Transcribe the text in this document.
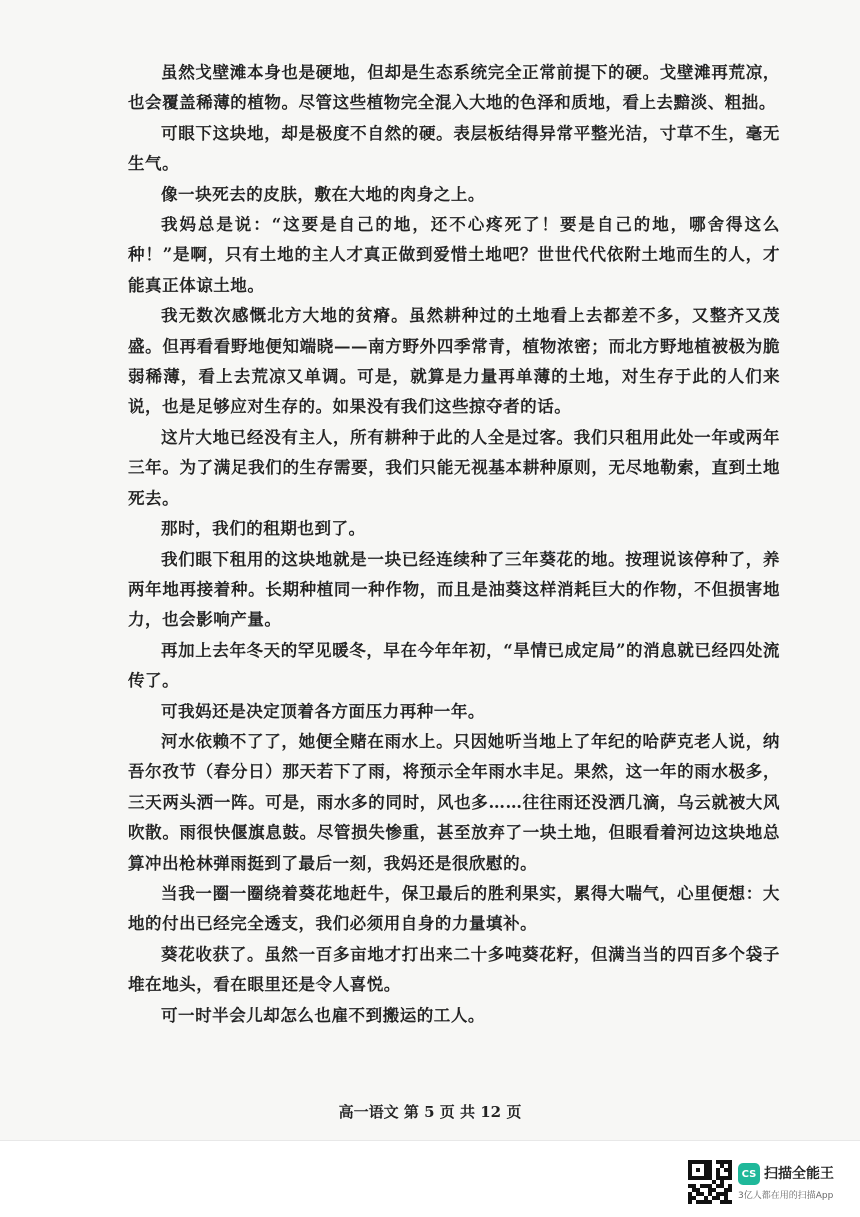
虽然戈壁滩本身也是硬地，但却是生态系统完全正常前提下的硬。戈壁滩再荒凉，也会覆盖稀薄的植物。尽管这些植物完全混入大地的色泽和质地，看上去黯淡、粗拙。

可眼下这块地，却是极度不自然的硬。表层板结得异常平整光洁，寸草不生，毫无生气。

像一块死去的皮肤，敷在大地的肉身之上。

我妈总是说：“这要是自己的地，还不心疼死了！要是自己的地，哪舍得这么种！”是啊，只有土地的主人才真正做到爱惜土地吧？世世代代依附土地而生的人，才能真正体谅土地。

我无数次感慨北方大地的贫瘠。虽然耕种过的土地看上去都差不多，又整齐又茂盛。但再看看野地便知端晓——南方野外四季常青，植物浓密；而北方野地植被极为脆弱稀薄，看上去荒凉又单调。可是，就算是力量再单薄的土地，对生存于此的人们来说，也是足够应对生存的。如果没有我们这些掠夺者的话。

这片大地已经没有主人，所有耕种于此的人全是过客。我们只租用此处一年或两年三年。为了满足我们的生存需要，我们只能无视基本耕种原则，无尽地勒索，直到土地死去。

那时，我们的租期也到了。

我们眼下租用的这块地就是一块已经连续种了三年葵花的地。按理说该停种了，养两年地再接着种。长期种植同一种作物，而且是油葵这样消耗巨大的作物，不但损害地力，也会影响产量。

再加上去年冬天的罕见暖冬，早在今年年初，“旱情已成定局”的消息就已经四处流传了。

可我妈还是决定顶着各方面压力再种一年。

河水依赖不了了，她便全赌在雨水上。只因她听当地上了年纪的哈萨克老人说，纳吾尔孜节（春分日）那天若下了雨，将预示全年雨水丰足。果然，这一年的雨水极多，三天两头洒一阵。可是，雨水多的同时，风也多……往往雨还没洒几滴，乌云就被大风吹散。雨很快偃旗息鼓。尽管损失惨重，甚至放弃了一块土地，但眼看着河边这块地总算冲出枪林弹雨挺到了最后一刻，我妈还是很欣慰的。

当我一圈一圈绕着葵花地赶牛，保卫最后的胜利果实，累得大喘气，心里便想：大地的付出已经完全透支，我们必须用自身的力量填补。

葵花收获了。虽然一百多亩地才打出来二十多吨葵花籽，但满当当的四百多个袋子堆在地头，看在眼里还是令人喜悦。

可一时半会儿却怎么也雇不到搬运的工人。

高一语文 第 5 页 共 12 页
CS 扫描全能王
3亿人都在用的扫描App
